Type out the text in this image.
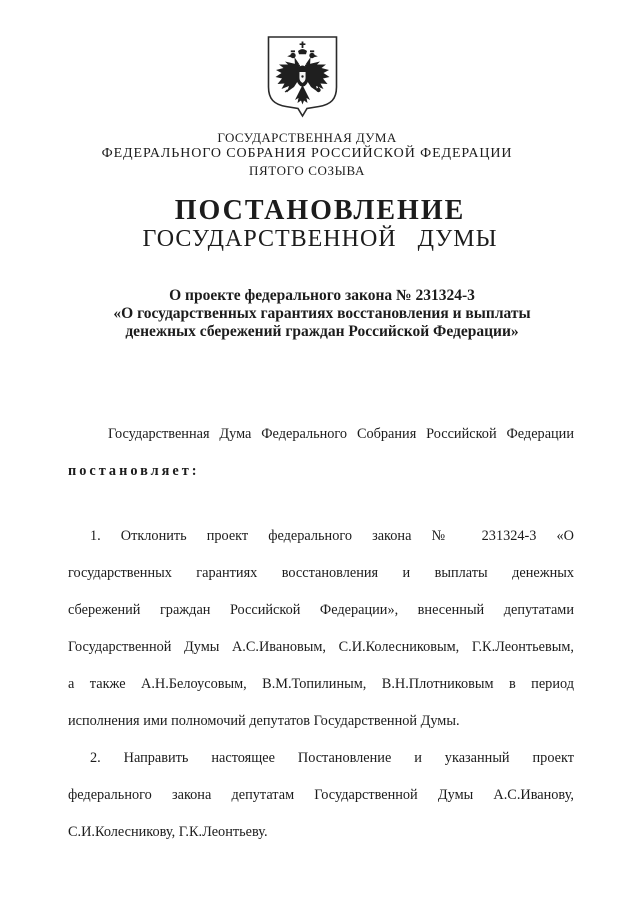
ГОСУДАРСТВЕННАЯ ДУМА
ФЕДЕРАЛЬНОГО СОБРАНИЯ РОССИЙСКОЙ ФЕДЕРАЦИИ
ПЯТОГО СОЗЫВА
ПОСТАНОВЛЕНИЕ
ГОСУДАРСТВЕННОЙ ДУМЫ
О проекте федерального закона № 231324-3
«О государственных гарантиях восстановления и выплаты
денежных сбережений граждан Российской Федерации»
Государственная Дума Федерального Собрания Российской Федерации
постановляет:
1. Отклонить проект федерального закона № 231324-3 «О
государственных гарантиях восстановления и выплаты денежных
сбережений граждан Российской Федерации», внесенный депутатами
Государственной Думы А.С.Ивановым, С.И.Колесниковым, Г.К.Леонтьевым,
а также А.Н.Белоусовым, В.М.Топилиным, В.Н.Плотниковым в период
исполнения ими полномочий депутатов Государственной Думы.
2. Направить настоящее Постановление и указанный проект
федерального закона депутатам Государственной Думы А.С.Иванову,
С.И.Колесникову, Г.К.Леонтьеву.
